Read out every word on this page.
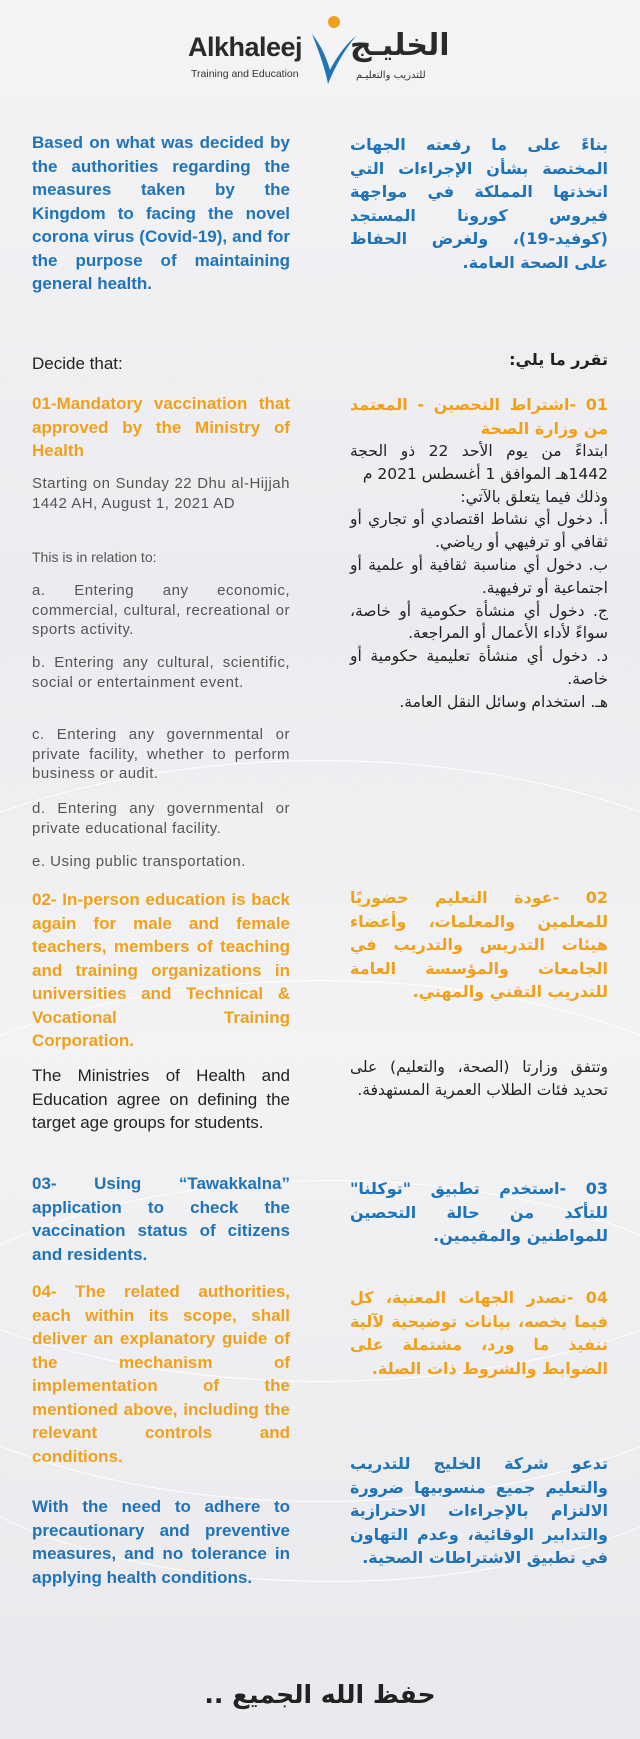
Alkhaleej
Training and Education
الخليـج
للتدريب والتعليـم

Based on what was decided by the authorities regarding the measures taken by the Kingdom to facing the novel corona virus (Covid-19), and for the purpose of maintaining general health.

Decide that:

01-Mandatory vaccination that approved by the Ministry of Health

Starting on Sunday 22 Dhu al-Hijjah 1442 AH, August 1, 2021 AD

This is in relation to:

a. Entering any economic, commercial, cultural, recreational or sports activity.

b. Entering any cultural, scientific, social or entertainment event.

c. Entering any governmental or private facility, whether to perform business or audit.

d. Entering any governmental or private educational facility.

e. Using public transportation.

02- In-person education is back again for male and female teachers, members of teaching and training organizations in universities and Technical & Vocational Training Corporation.

The Ministries of Health and Education agree on defining the target age groups for students.

03- Using “Tawakkalna” application to check the vaccination status of citizens and residents.

04- The related authorities, each within its scope, shall deliver an explanatory guide of the mechanism of implementation of the mentioned above, including the relevant controls and conditions.

With the need to adhere to precautionary and preventive measures, and no tolerance in applying health conditions.

بناءً على ما رفعته الجهات المختصة بشأن الإجراءات التي اتخذتها المملكة في مواجهة فيروس كورونا المستجد (كوفيد-19)، ولغرض الحفاظ على الصحة العامة.

تقرر ما يلي:

01 -اشتراط التحصين - المعتمد من وزارة الصحة

ابتداءً من يوم الأحد 22 ذو الحجة 1442هـ الموافق 1 أغسطس 2021 م

وذلك فيما يتعلق بالآتي:

أ. دخول أي نشاط اقتصادي أو تجاري أو ثقافي أو ترفيهي أو رياضي.

ب. دخول أي مناسبة ثقافية أو علمية أو اجتماعية أو ترفيهية.

ج. دخول أي منشأة حكومية أو خاصة، سواءً لأداء الأعمال أو المراجعة.

د. دخول أي منشأة تعليمية حكومية أو خاصة.

هـ. استخدام وسائل النقل العامة.

02 -عودة التعليم حضوريًا للمعلمين والمعلمات، وأعضاء هيئات التدريس والتدريب في الجامعات والمؤسسة العامة للتدريب التقني والمهني.

وتتفق وزارتا (الصحة، والتعليم) على تحديد فئات الطلاب العمرية المستهدفة.

03 -استخدم تطبيق "توكلنا" للتأكد من حالة التحصين للمواطنين والمقيمين.

04 -تصدر الجهات المعنية، كل فيما يخصه، بيانات توضيحية لآلية تنفيذ ما ورد، مشتملة على الضوابط والشروط ذات الصلة.

تدعو شركة الخليج للتدريب والتعليم جميع منسوبيها ضرورة الالتزام بالإجراءات الاحترازية والتدابير الوقائية، وعدم التهاون في تطبيق الاشتراطات الصحية.

حفظ الله الجميع ..
